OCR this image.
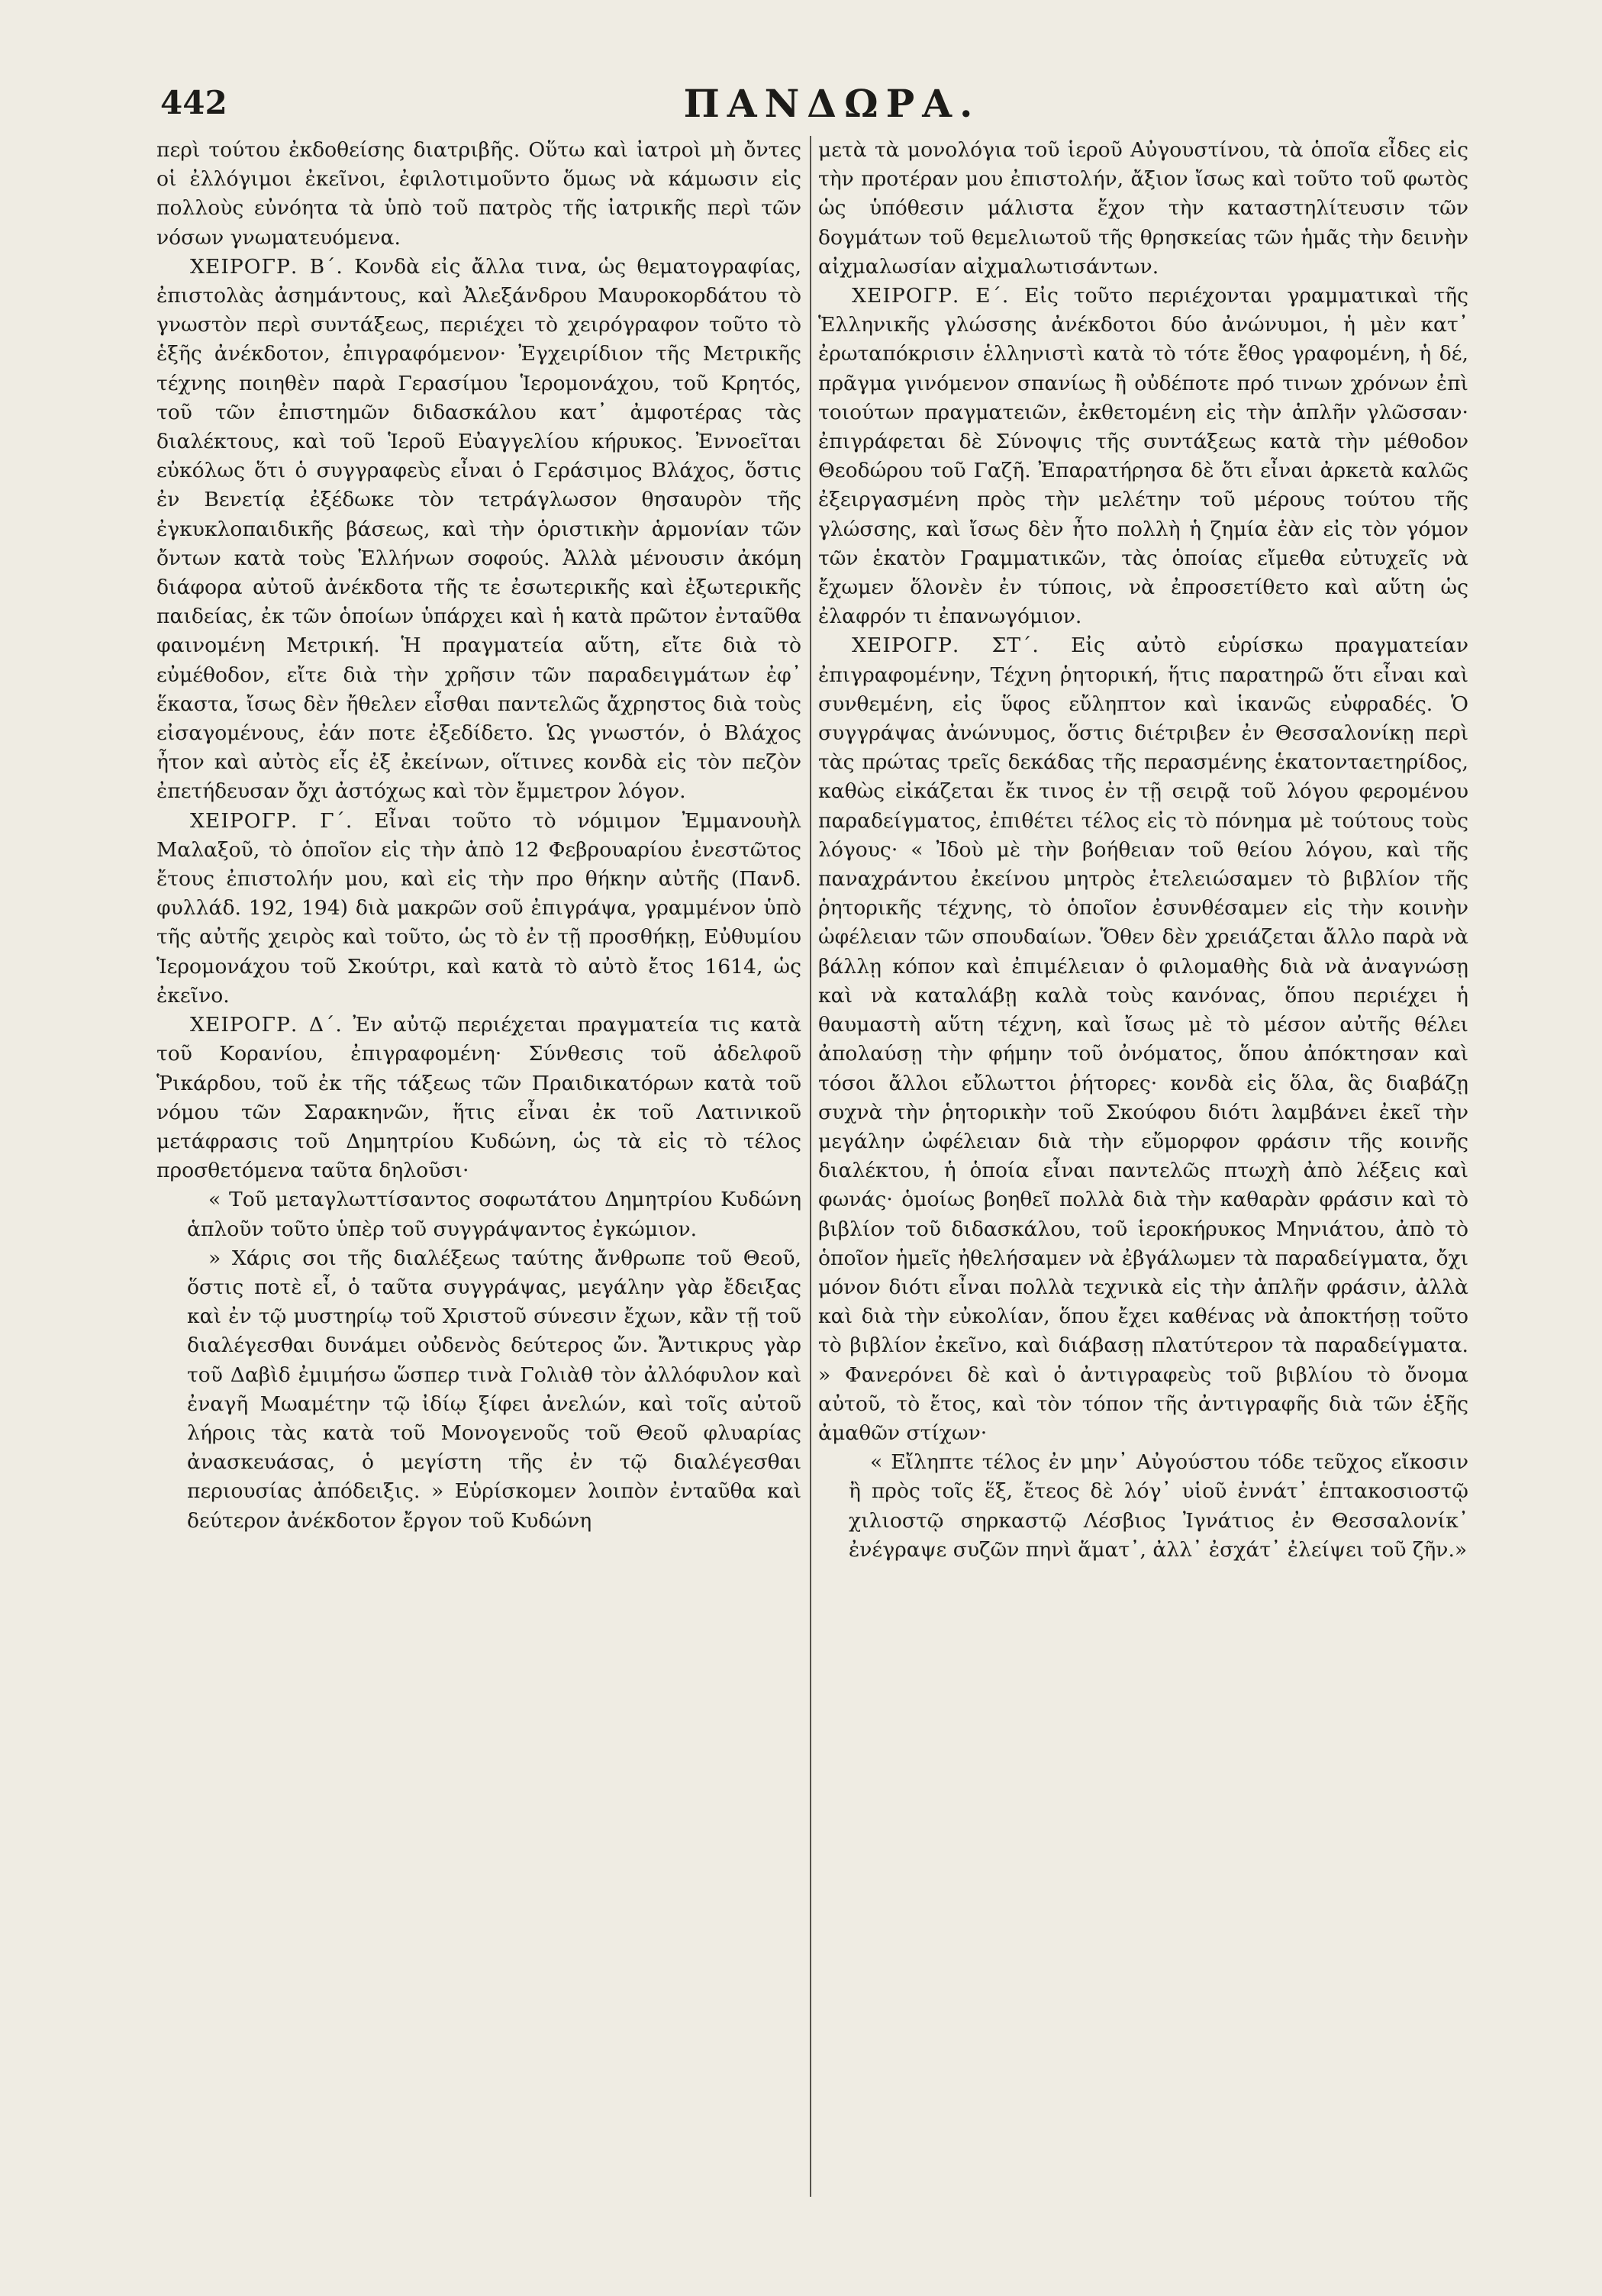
442	ΠΑΝΔΩΡΑ.

περὶ τούτου ἐκδοθείσης διατριβῆς. Οὕτω καὶ ἰατροὶ μὴ ὄντες οἱ ἐλλόγιμοι ἐκεῖνοι, ἐφιλοτιμοῦντο ὅμως νὰ κάμωσιν εἰς πολλοὺς εὐνόητα τὰ ὑπὸ τοῦ πατρὸς τῆς ἰατρικῆς περὶ τῶν νόσων γνωματευόμενα.

ΧΕΙΡΟΓΡ. Β΄. Κονδὰ εἰς ἄλλα τινα, ὡς θεματογραφίας, ἐπιστολὰς ἀσημάντους, καὶ Ἀλεξάνδρου Μαυροκορδάτου τὸ γνωστὸν περὶ συντάξεως, περιέχει τὸ χειρόγραφον τοῦτο τὸ ἑξῆς ἀνέκδοτον, ἐπιγραφόμενον· Ἐγχειρίδιον τῆς Μετρικῆς τέχνης ποιηθὲν παρὰ Γερασίμου Ἱερομονάχου, τοῦ Κρητός, τοῦ τῶν ἐπιστημῶν διδασκάλου κατ᾽ ἀμφοτέρας τὰς διαλέκτους, καὶ τοῦ Ἱεροῦ Εὐαγγελίου κήρυκος. Ἐννοεῖται εὐκόλως ὅτι ὁ συγγραφεὺς εἶναι ὁ Γεράσιμος Βλάχος, ὅστις ἐν Βενετίᾳ ἐξέδωκε τὸν τετράγλωσον θησαυρὸν τῆς ἐγκυκλοπαιδικῆς βάσεως, καὶ τὴν ὁριστικὴν ἁρμονίαν τῶν ὄντων κατὰ τοὺς Ἑλλήνων σοφούς. Ἀλλὰ μένουσιν ἀκόμη διάφορα αὐτοῦ ἀνέκδοτα τῆς τε ἐσωτερικῆς καὶ ἐξωτερικῆς παιδείας, ἐκ τῶν ὁποίων ὑπάρχει καὶ ἡ κατὰ πρῶτον ἐνταῦθα φαινομένη Μετρική. Ἡ πραγματεία αὕτη, εἴτε διὰ τὸ εὐμέθοδον, εἴτε διὰ τὴν χρῆσιν τῶν παραδειγμάτων ἐφ᾽ ἕκαστα, ἴσως δὲν ἤθελεν εἶσθαι παντελῶς ἄχρηστος διὰ τοὺς εἰσαγομένους, ἐάν ποτε ἐξεδίδετο. Ὡς γνωστόν, ὁ Βλάχος ἦτον καὶ αὐτὸς εἷς ἐξ ἐκείνων, οἵτινες κονδὰ εἰς τὸν πεζὸν ἐπετήδευσαν ὄχι ἀστόχως καὶ τὸν ἔμμετρον λόγον.

ΧΕΙΡΟΓΡ. Γ΄. Εἶναι τοῦτο τὸ νόμιμον Ἐμμανουὴλ Μαλαξοῦ, τὸ ὁποῖον εἰς τὴν ἀπὸ 12 Φεβρουαρίου ἐνεστῶτος ἔτους ἐπιστολήν μου, καὶ εἰς τὴν προ θήκην αὐτῆς (Πανδ. φυλλάδ. 192, 194) διὰ μακρῶν σοῦ ἐπιγράψα, γραμμένον ὑπὸ τῆς αὐτῆς χειρὸς καὶ τοῦτο, ὡς τὸ ἐν τῇ προσθήκῃ, Εὐθυμίου Ἱερομονάχου τοῦ Σκούτρι, καὶ κατὰ τὸ αὐτὸ ἔτος 1614, ὡς ἐκεῖνο.

ΧΕΙΡΟΓΡ. Δ΄. Ἐν αὐτῷ περιέχεται πραγματεία τις κατὰ τοῦ Κορανίου, ἐπιγραφομένη· Σύνθεσις τοῦ ἀδελφοῦ Ῥικάρδου, τοῦ ἐκ τῆς τάξεως τῶν Πραιδικατόρων κατὰ τοῦ νόμου τῶν Σαρακηνῶν, ἥτις εἶναι ἐκ τοῦ Λατινικοῦ μετάφρασις τοῦ Δημητρίου Κυδώνη, ὡς τὰ εἰς τὸ τέλος προσθετόμενα ταῦτα δηλοῦσι·

« Τοῦ μεταγλωττίσαντος σοφωτάτου Δημητρίου Κυδώνη ἁπλοῦν τοῦτο ὑπὲρ τοῦ συγγράψαντος ἐγκώμιον.

» Χάρις σοι τῆς διαλέξεως ταύτης ἄνθρωπε τοῦ Θεοῦ, ὅστις ποτὲ εἶ, ὁ ταῦτα συγγράψας, μεγάλην γὰρ ἔδειξας καὶ ἐν τῷ μυστηρίῳ τοῦ Χριστοῦ σύνεσιν ἔχων, κἂν τῇ τοῦ διαλέγεσθαι δυνάμει οὐδενὸς δεύτερος ὤν. Ἄντικρυς γὰρ τοῦ Δαβὶδ ἐμιμήσω ὥσπερ τινὰ Γολιὰθ τὸν ἀλλόφυλον καὶ ἐναγῆ Μωαμέτην τῷ ἰδίῳ ξίφει ἀνελών, καὶ τοῖς αὐτοῦ λήροις τὰς κατὰ τοῦ Μονογενοῦς τοῦ Θεοῦ φλυαρίας ἀνασκευάσας, ὁ μεγίστη τῆς ἐν τῷ διαλέγεσθαι περιουσίας ἀπόδειξις. » Εὑρίσκομεν λοιπὸν ἐνταῦθα καὶ δεύτερον ἀνέκδοτον ἔργον τοῦ Κυδώνη

μετὰ τὰ μονολόγια τοῦ ἱεροῦ Αὐγουστίνου, τὰ ὁποῖα εἶδες εἰς τὴν προτέραν μου ἐπιστολήν, ἄξιον ἴσως καὶ τοῦτο τοῦ φωτὸς ὡς ὑπόθεσιν μάλιστα ἔχον τὴν καταστηλίτευσιν τῶν δογμάτων τοῦ θεμελιωτοῦ τῆς θρησκείας τῶν ἡμᾶς τὴν δεινὴν αἰχμαλωσίαν αἰχμαλωτισάντων.

ΧΕΙΡΟΓΡ. Ε΄. Εἰς τοῦτο περιέχονται γραμματικαὶ τῆς Ἑλληνικῆς γλώσσης ἀνέκδοτοι δύο ἀνώνυμοι, ἡ μὲν κατ᾽ ἐρωταπόκρισιν ἑλληνιστὶ κατὰ τὸ τότε ἔθος γραφομένη, ἡ δέ, πρᾶγμα γινόμενον σπανίως ἢ οὐδέποτε πρό τινων χρόνων ἐπὶ τοιούτων πραγματειῶν, ἐκθετομένη εἰς τὴν ἁπλῆν γλῶσσαν· ἐπιγράφεται δὲ Σύνοψις τῆς συντάξεως κατὰ τὴν μέθοδον Θεοδώρου τοῦ Γαζῆ. Ἐπαρατήρησα δὲ ὅτι εἶναι ἀρκετὰ καλῶς ἐξειργασμένη πρὸς τὴν μελέτην τοῦ μέρους τούτου τῆς γλώσσης, καὶ ἴσως δὲν ἦτο πολλὴ ἡ ζημία ἐὰν εἰς τὸν γόμον τῶν ἑκατὸν Γραμματικῶν, τὰς ὁποίας εἴμεθα εὐτυχεῖς νὰ ἔχωμεν ὅλονὲν ἐν τύποις, νὰ ἐπροσετίθετο καὶ αὕτη ὡς ἐλαφρόν τι ἐπανωγόμιον.

ΧΕΙΡΟΓΡ. ΣΤ΄. Εἰς αὐτὸ εὑρίσκω πραγματείαν ἐπιγραφομένην, Τέχνη ῥητορική, ἥτις παρατηρῶ ὅτι εἶναι καὶ συνθεμένη, εἰς ὕφος εὔληπτον καὶ ἱκανῶς εὐφραδές. Ὁ συγγράψας ἀνώνυμος, ὅστις διέτριβεν ἐν Θεσσαλονίκῃ περὶ τὰς πρώτας τρεῖς δεκάδας τῆς περασμένης ἑκατονταετηρίδος, καθὼς εἰκάζεται ἔκ τινος ἐν τῇ σειρᾷ τοῦ λόγου φερομένου παραδείγματος, ἐπιθέτει τέλος εἰς τὸ πόνημα μὲ τούτους τοὺς λόγους· « Ἰδοὺ μὲ τὴν βοήθειαν τοῦ θείου λόγου, καὶ τῆς παναχράντου ἐκείνου μητρὸς ἐτελειώσαμεν τὸ βιβλίον τῆς ῥητορικῆς τέχνης, τὸ ὁποῖον ἐσυνθέσαμεν εἰς τὴν κοινὴν ὠφέλειαν τῶν σπουδαίων. Ὅθεν δὲν χρειάζεται ἄλλο παρὰ νὰ βάλλῃ κόπον καὶ ἐπιμέλειαν ὁ φιλομαθὴς διὰ νὰ ἀναγνώσῃ καὶ νὰ καταλάβῃ καλὰ τοὺς κανόνας, ὅπου περιέχει ἡ θαυμαστὴ αὕτη τέχνη, καὶ ἴσως μὲ τὸ μέσον αὐτῆς θέλει ἀπολαύσῃ τὴν φήμην τοῦ ὀνόματος, ὅπου ἀπόκτησαν καὶ τόσοι ἄλλοι εὔλωττοι ῥήτορες· κονδὰ εἰς ὅλα, ἃς διαβάζῃ συχνὰ τὴν ῥητορικὴν τοῦ Σκούφου διότι λαμβάνει ἐκεῖ τὴν μεγάλην ὠφέλειαν διὰ τὴν εὔμορφον φράσιν τῆς κοινῆς διαλέκτου, ἡ ὁποία εἶναι παντελῶς πτωχὴ ἀπὸ λέξεις καὶ φωνάς· ὁμοίως βοηθεῖ πολλὰ διὰ τὴν καθαρὰν φράσιν καὶ τὸ βιβλίον τοῦ διδασκάλου, τοῦ ἱεροκήρυκος Μηνιάτου, ἀπὸ τὸ ὁποῖον ἡμεῖς ἠθελήσαμεν νὰ ἐβγάλωμεν τὰ παραδείγματα, ὄχι μόνον διότι εἶναι πολλὰ τεχνικὰ εἰς τὴν ἁπλῆν φράσιν, ἀλλὰ καὶ διὰ τὴν εὐκολίαν, ὅπου ἔχει καθένας νὰ ἀποκτήσῃ τοῦτο τὸ βιβλίον ἐκεῖνο, καὶ διάβασῃ πλατύτερον τὰ παραδείγματα. » Φανερόνει δὲ καὶ ὁ ἀντιγραφεὺς τοῦ βιβλίου τὸ ὄνομα αὐτοῦ, τὸ ἔτος, καὶ τὸν τόπον τῆς ἀντιγραφῆς διὰ τῶν ἑξῆς ἀμαθῶν στίχων·

« Εἴληπτε τέλος ἐν μην᾽ Αὐγούστου τόδε τεῦχος εἴκοσιν ἢ πρὸς τοῖς ἕξ, ἔτεος δὲ λόγ᾽ υἱοῦ ἐννάτ᾽ ἑπτακοσιοστῷ χιλιοστῷ σηρκαστῷ Λέσβιος Ἰγνάτιος ἐν Θεσσαλονίκ᾽ ἐνέγραψε συζῶν πηνὶ ἅματ᾽, ἀλλ᾽ ἐσχάτ᾽ ἐλείψει τοῦ ζῆν.»
